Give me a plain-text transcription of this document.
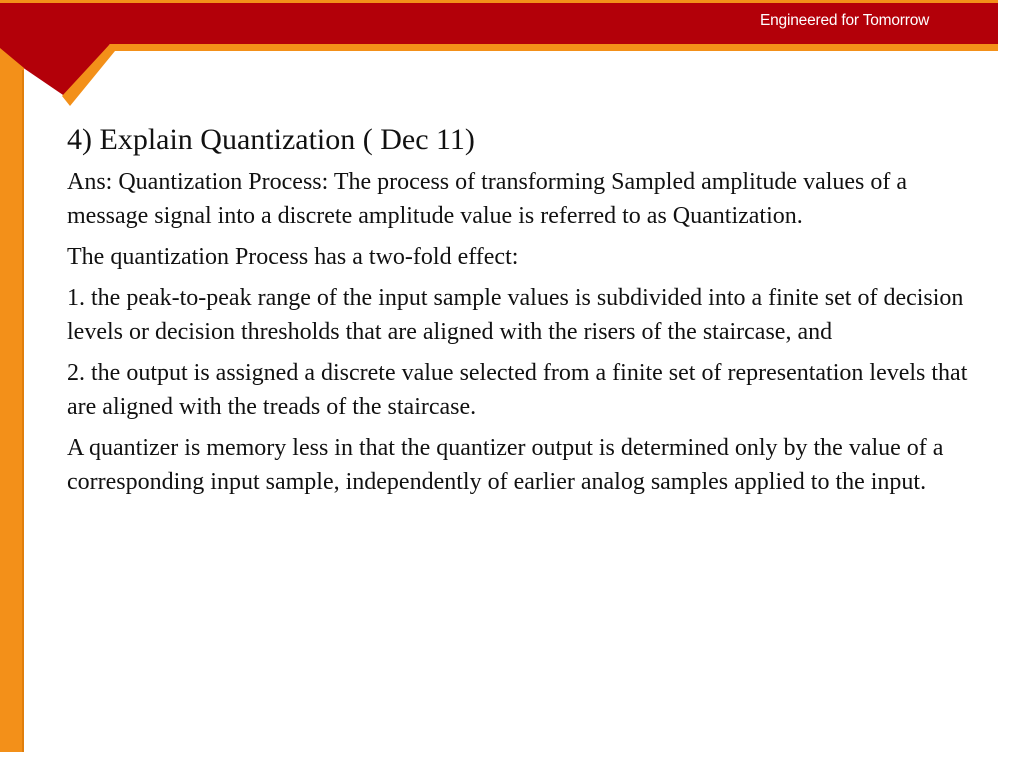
Engineered for Tomorrow
4) Explain Quantization ( Dec 11)
Ans: Quantization Process: The process of transforming Sampled amplitude values of a message signal into a discrete amplitude value is referred to as Quantization.
The quantization Process has a two-fold effect:
1. the peak-to-peak range of the input sample values is subdivided into a finite set of decision levels or decision thresholds that are aligned with the risers of the staircase, and
2. the output is assigned a discrete value selected from a finite set of representation levels that are aligned with the treads of the staircase.
A quantizer is memory less in that the quantizer output is determined only by the value of a corresponding input sample, independently of earlier analog samples applied to the input.
